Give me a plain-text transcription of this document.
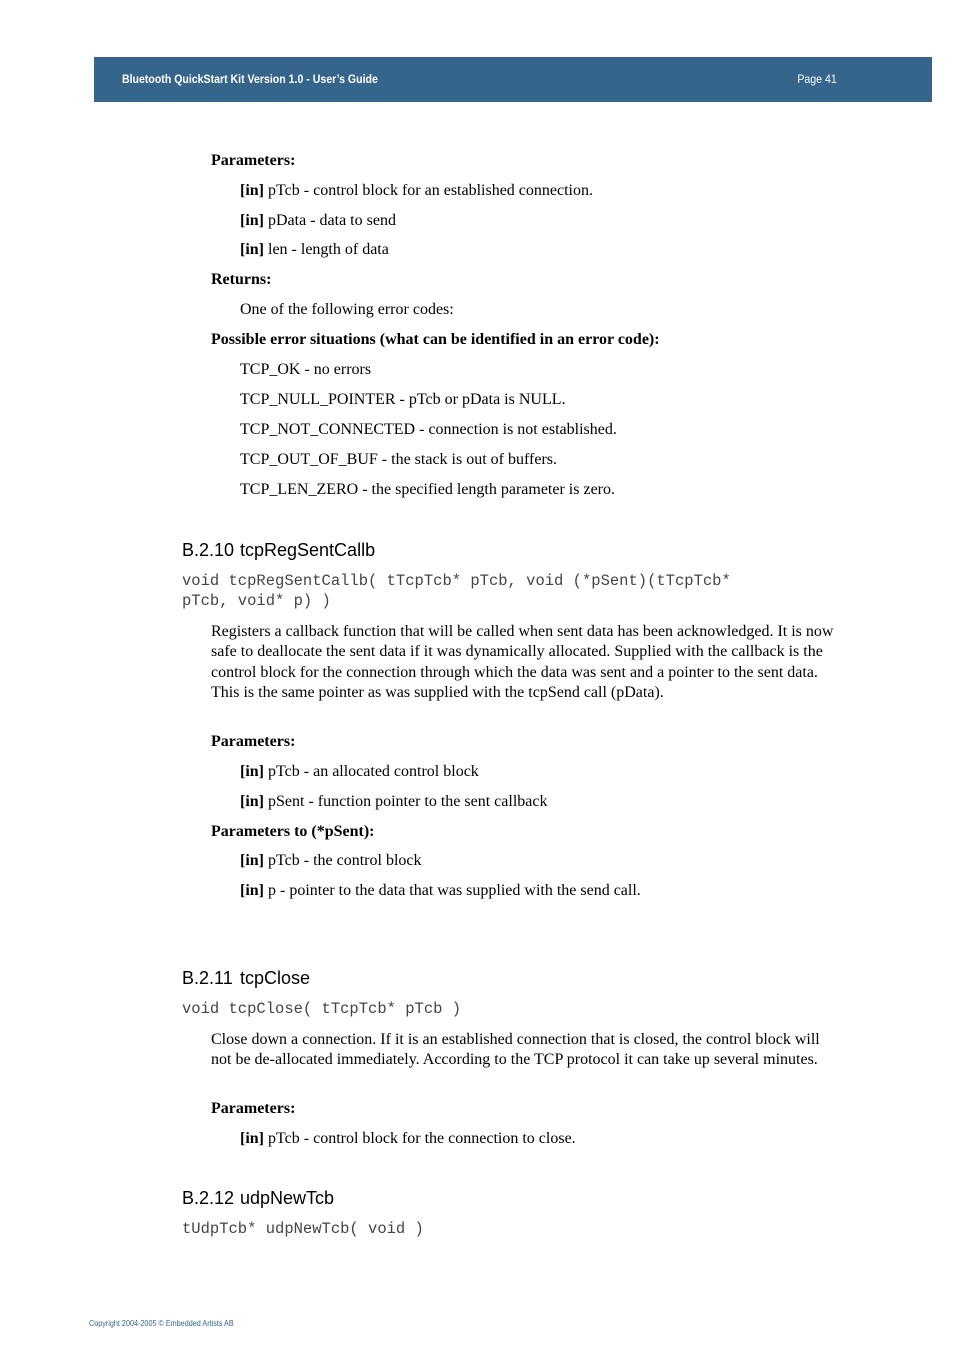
Bluetooth QuickStart Kit Version 1.0 - User’s Guide	Page 41
Parameters:
[in] pTcb - control block for an established connection.
[in] pData - data to send
[in] len - length of data
Returns:
One of the following error codes:
Possible error situations (what can be identified in an error code):
TCP_OK - no errors
TCP_NULL_POINTER - pTcb or pData is NULL.
TCP_NOT_CONNECTED - connection is not established.
TCP_OUT_OF_BUF - the stack is out of buffers.
TCP_LEN_ZERO - the specified length parameter is zero.
B.2.10 tcpRegSentCallb
void tcpRegSentCallb( tTcpTcb* pTcb, void (*pSent)(tTcpTcb*
pTcb, void* p) )
Registers a callback function that will be called when sent data has been acknowledged. It is now safe to deallocate the sent data if it was dynamically allocated. Supplied with the callback is the control block for the connection through which the data was sent and a pointer to the sent data. This is the same pointer as was supplied with the tcpSend call (pData).
Parameters:
[in] pTcb - an allocated control block
[in] pSent - function pointer to the sent callback
Parameters to (*pSent):
[in] pTcb - the control block
[in] p - pointer to the data that was supplied with the send call.
B.2.11 tcpClose
void tcpClose( tTcpTcb* pTcb )
Close down a connection. If it is an established connection that is closed, the control block will not be de-allocated immediately. According to the TCP protocol it can take up several minutes.
Parameters:
[in] pTcb - control block for the connection to close.
B.2.12 udpNewTcb
tUdpTcb* udpNewTcb( void )
Copyright 2004-2005 © Embedded Artists AB
